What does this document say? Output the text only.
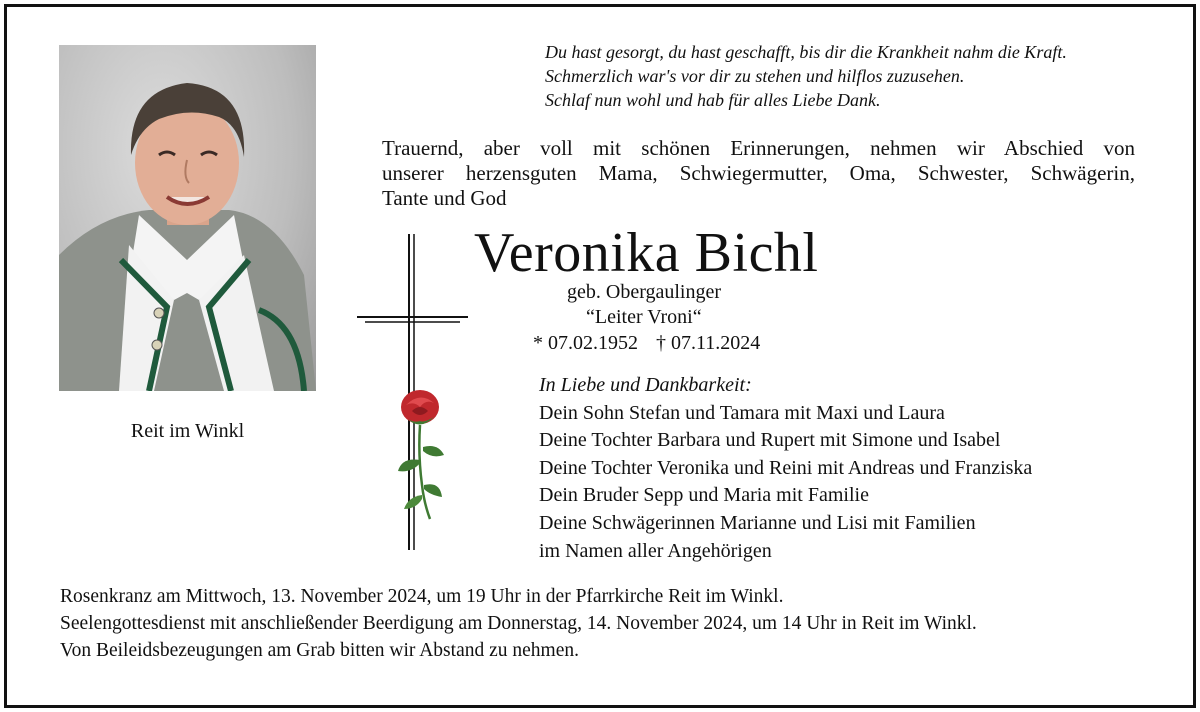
Reit im Winkl
Du hast gesorgt, du hast geschafft, bis dir die Krankheit nahm die Kraft.
Schmerzlich war's vor dir zu stehen und hilflos zuzusehen.
Schlaf nun wohl und hab für alles Liebe Dank.
Trauernd, aber voll mit schönen Erinnerungen, nehmen wir Abschied von
unserer herzensguten Mama, Schwiegermutter, Oma, Schwester, Schwägerin,
Tante und God
Veronika Bichl
geb. Obergaulinger
“Leiter Vroni“
* 07.02.1952 † 07.11.2024
In Liebe und Dankbarkeit:
Dein Sohn Stefan und Tamara mit Maxi und Laura
Deine Tochter Barbara und Rupert mit Simone und Isabel
Deine Tochter Veronika und Reini mit Andreas und Franziska
Dein Bruder Sepp und Maria mit Familie
Deine Schwägerinnen Marianne und Lisi mit Familien
im Namen aller Angehörigen
Rosenkranz am Mittwoch, 13. November 2024, um 19 Uhr in der Pfarrkirche Reit im Winkl.
Seelengottesdienst mit anschließender Beerdigung am Donnerstag, 14. November 2024, um 14 Uhr in Reit im Winkl.
Von Beileidsbezeugungen am Grab bitten wir Abstand zu nehmen.
